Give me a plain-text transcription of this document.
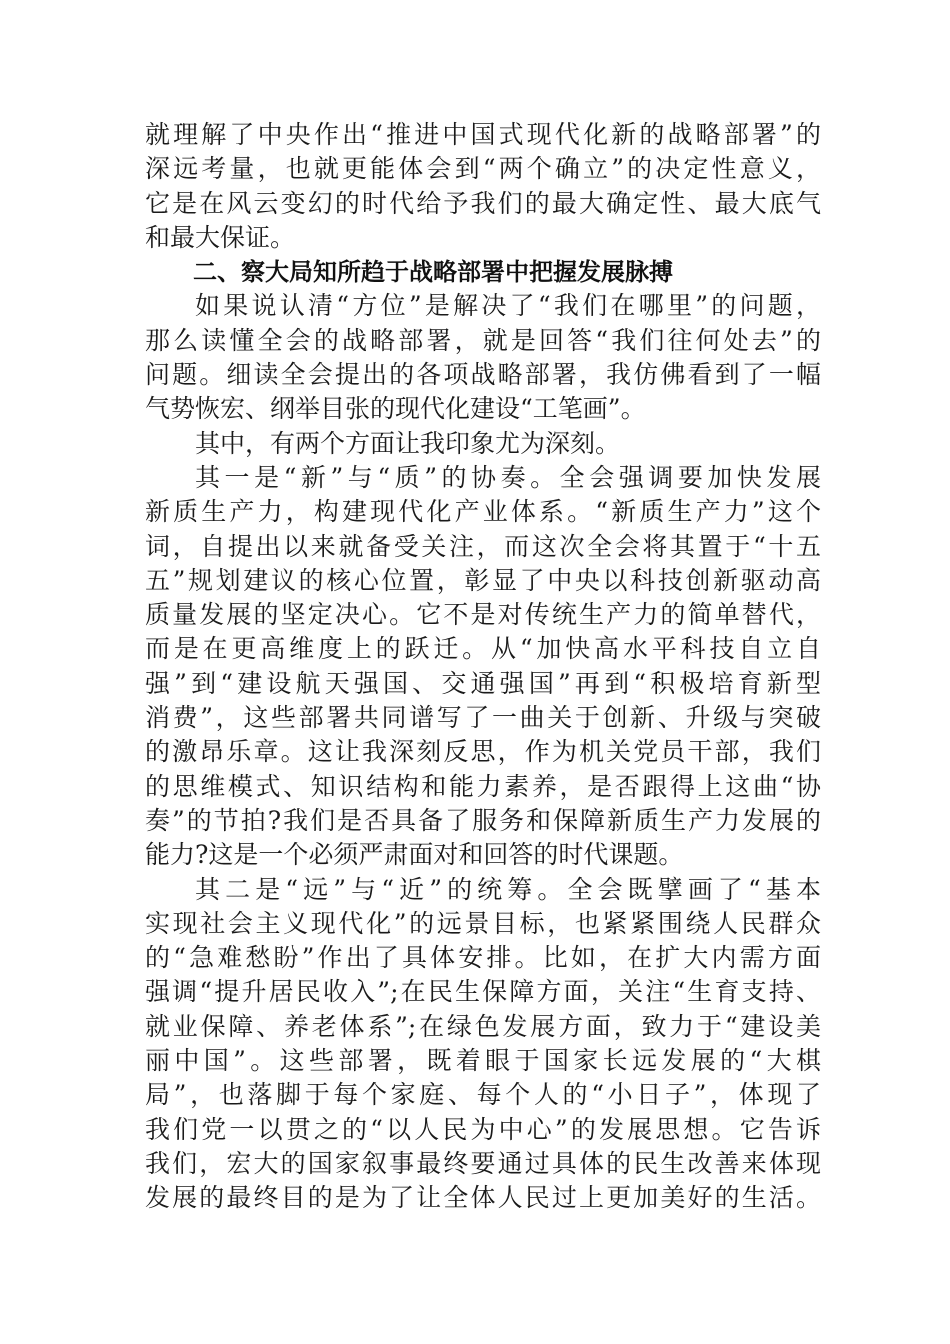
就理解了中央作出“推进中国式现代化新的战略部署”的
深远考量，也就更能体会到“两个确立”的决定性意义，
它是在风云变幻的时代给予我们的最大确定性、最大底气
和最大保证。
二、察大局知所趋于战略部署中把握发展脉搏
如果说认清“方位”是解决了“我们在哪里”的问题，
那么读懂全会的战略部署，就是回答“我们往何处去”的
问题。细读全会提出的各项战略部署，我仿佛看到了一幅
气势恢宏、纲举目张的现代化建设“工笔画”。
其中，有两个方面让我印象尤为深刻。
其一是“新”与“质”的协奏。全会强调要加快发展
新质生产力，构建现代化产业体系。“新质生产力”这个
词，自提出以来就备受关注，而这次全会将其置于“十五
五”规划建议的核心位置，彰显了中央以科技创新驱动高
质量发展的坚定决心。它不是对传统生产力的简单替代，
而是在更高维度上的跃迁。从“加快高水平科技自立自
强”到“建设航天强国、交通强国”再到“积极培育新型
消费”，这些部署共同谱写了一曲关于创新、升级与突破
的激昂乐章。这让我深刻反思，作为机关党员干部，我们
的思维模式、知识结构和能力素养，是否跟得上这曲“协
奏”的节拍?我们是否具备了服务和保障新质生产力发展的
能力?这是一个必须严肃面对和回答的时代课题。
其二是“远”与“近”的统筹。全会既擘画了“基本
实现社会主义现代化”的远景目标，也紧紧围绕人民群众
的“急难愁盼”作出了具体安排。比如，在扩大内需方面
强调“提升居民收入”;在民生保障方面，关注“生育支持、
就业保障、养老体系”;在绿色发展方面，致力于“建设美
丽中国”。这些部署，既着眼于国家长远发展的“大棋
局”，也落脚于每个家庭、每个人的“小日子”，体现了
我们党一以贯之的“以人民为中心”的发展思想。它告诉
我们，宏大的国家叙事最终要通过具体的民生改善来体现
发展的最终目的是为了让全体人民过上更加美好的生活。
